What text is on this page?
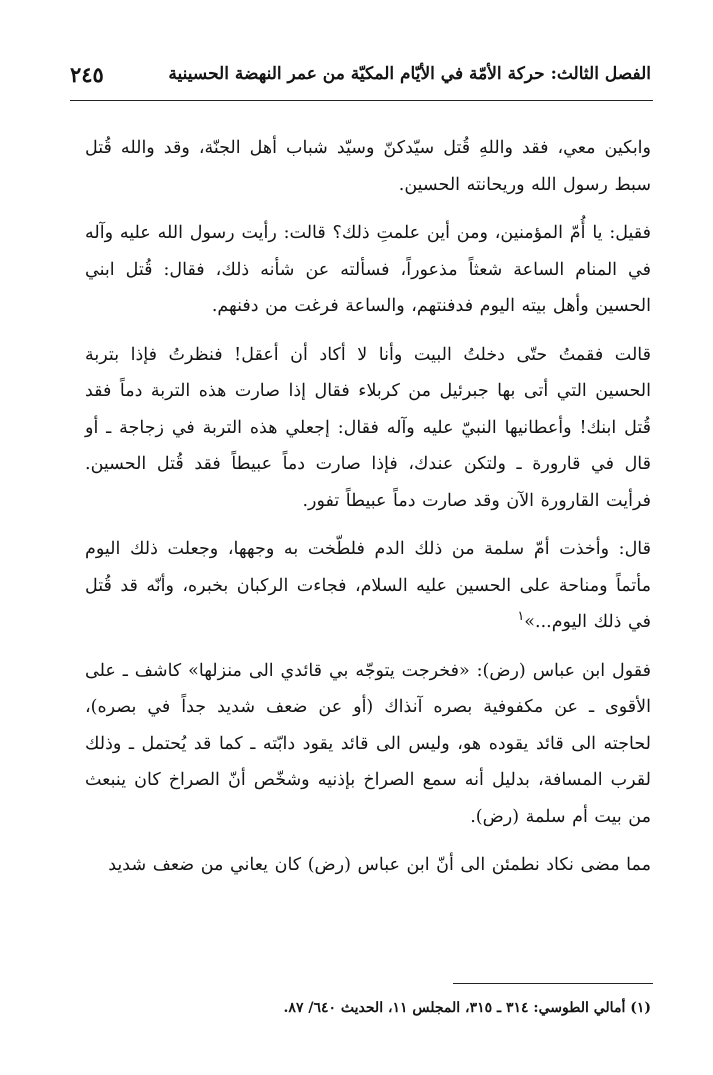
الفصل الثالث: حركة الأمّة في الأيّام المكيّة من عمر النهضة الحسينية
٢٤٥

وابكين معي، فقد واللهِ قُتل سيّدكنّ وسيّد شباب أهل الجنّة، وقد والله قُتل سبط رسول الله وريحانته الحسين.

فقيل: يا أُمّ المؤمنين، ومن أين علمتِ ذلك؟ قالت: رأيت رسول الله عليه وآله في المنام الساعة شعثاً مذعوراً، فسألته عن شأنه ذلك، فقال: قُتل ابني الحسين وأهل بيته اليوم فدفنتهم، والساعة فرغت من دفنهم.

قالت فقمتُ حتّى دخلتُ البيت وأنا لا أكاد أن أعقل! فنظرتُ فإذا بتربة الحسين التي أتى بها جبرئيل من كربلاء فقال إذا صارت هذه التربة دماً فقد قُتل ابنك! وأعطانيها النبيّ عليه وآله فقال: إجعلي هذه التربة في زجاجة ـ أو قال في قارورة ـ ولتكن عندك، فإذا صارت دماً عبيطاً فقد قُتل الحسين. فرأيت القارورة الآن وقد صارت دماً عبيطاً تفور.

قال: وأخذت أمّ سلمة من ذلك الدم فلطّخت به وجهها، وجعلت ذلك اليوم مأتماً ومناحة على الحسين عليه السلام، فجاءت الركبان بخبره، وأنّه قد قُتل في ذلك اليوم...»$^١$

فقول ابن عباس (رض): «فخرجت يتوجّه بي قائدي الى منزلها» كاشف ـ على الأقوى ـ عن مكفوفية بصره آنذاك (أو عن ضعف شديد جداً في بصره)، لحاجته الى قائد يقوده هو، وليس الى قائد يقود دابّته ـ كما قد يُحتمل ـ وذلك لقرب المسافة، بدليل أنه سمع الصراخ بإذنيه وشخّص أنّ الصراخ كان ينبعث من بيت أم سلمة (رض).

مما مضى نكاد نطمئن الى أنّ ابن عباس (رض) كان يعاني من ضعف شديد

(١) أمالي الطوسي: ٣١٤ ـ ٣١٥، المجلس ١١، الحديث ٦٤٠/ ٨٧.
